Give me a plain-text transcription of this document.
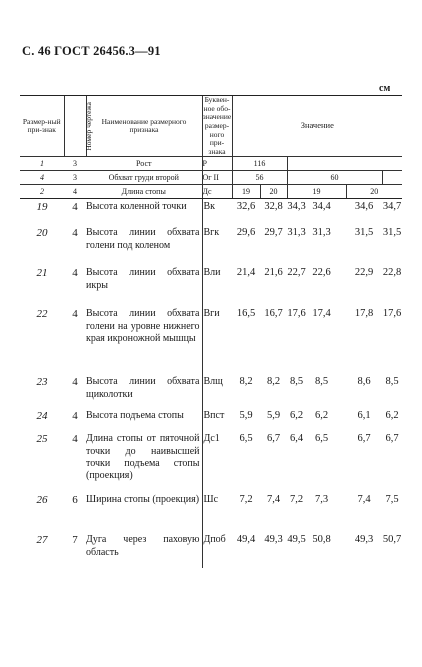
С. 46 ГОСТ 26456.3—91
см
Размер-ный при-знак	Номер чертежа	Наименование размерного признака	Буквен-ное обо-значение размер-ного при-знака	Значение						
1	3	Рост	Р	116						
4	3	Обхват груди второй	Ог II	56		60				
2	4	Длина стопы	Дс	19	20	19			20	
19	4	Высота коленной точки	Вк	32,6	32,8	34,3	34,4		34,6	34,7
20	4	Высота линии обхвата голени под коленом	Вгк	29,6	29,7	31,3	31,3		31,5	31,5
21	4	Высота линии обхвата икры	Вли	21,4	21,6	22,7	22,6		22,9	22,8
22	4	Высота линии обхвата голени на уровне нижнего края икроножной мышцы	Вги	16,5	16,7	17,6	17,4		17,8	17,6
23	4	Высота линии обхвата щиколотки	Влщ	8,2	8,2	8,5	8,5		8,6	8,5
24	4	Высота подъема стопы	Впст	5,9	5,9	6,2	6,2		6,1	6,2
25	4	Длина стопы от пяточной точки до наивысшей точки подъема стопы (проекция)	Дс1	6,5	6,7	6,4	6,5		6,7	6,7
26	6	Ширина стопы (проекция)	Шс	7,2	7,4	7,2	7,3		7,4	7,5
27	7	Дуга через паховую область	Дпоб	49,4	49,3	49,5	50,8		49,3	50,7
